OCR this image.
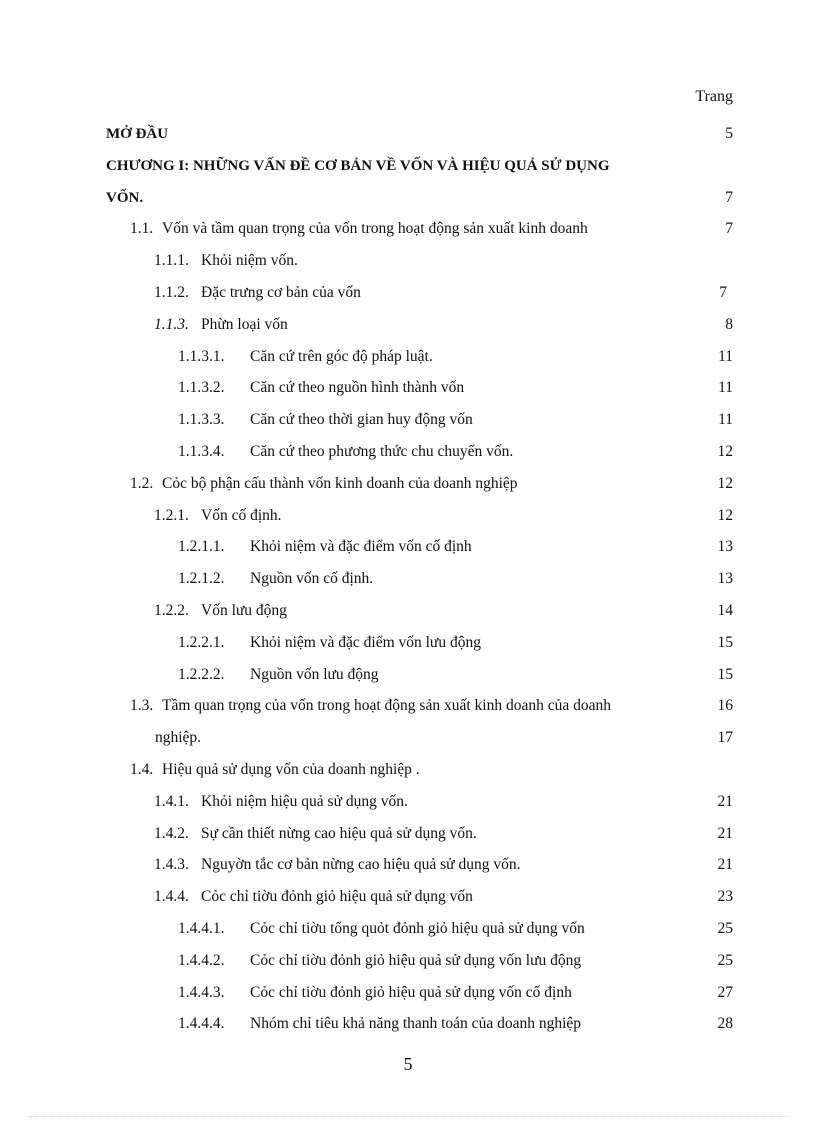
Trang
MỞ ĐẦU	5
CHƯƠNG I: NHỮNG VẤN ĐỀ CƠ BẢN VỀ VỐN VÀ HIỆU QUẢ SỬ DỤNG
VỐN.	7
1.1. Vốn và tầm quan trọng của vốn trong hoạt động sản xuất kinh doanh	7
1.1.1. Khỏi niệm vốn.
1.1.2. Đặc trưng cơ bản của vốn	7
1.1.3. Phừn loại vốn	8
1.1.3.1. Căn cứ trên góc độ pháp luật.	11
1.1.3.2. Căn cứ theo nguồn hình thành vốn	11
1.1.3.3. Căn cứ theo thời gian huy động vốn	11
1.1.3.4. Căn cứ theo phương thức chu chuyển vốn.	12
1.2. Cỏc bộ phận cấu thành vốn kinh doanh của doanh nghiệp	12
1.2.1. Vốn cố định.	12
1.2.1.1. Khỏi niệm và đặc điểm vốn cố định	13
1.2.1.2. Nguồn vốn cố định.	13
1.2.2. Vốn lưu động	14
1.2.2.1. Khỏi niệm và đặc điểm vốn lưu động	15
1.2.2.2. Nguồn vốn lưu động	15
1.3. Tầm quan trọng của vốn trong hoạt động sản xuất kinh doanh của doanh	16
nghiệp.	17
1.4. Hiệu quả sử dụng vốn của doanh nghiệp .
1.4.1. Khỏi niệm hiệu quả sử dụng vốn.	21
1.4.2. Sự cần thiết nừng cao hiệu quả sử dụng vốn.	21
1.4.3. Nguyờn tắc cơ bản nừng cao hiệu quả sử dụng vốn.	21
1.4.4. Cỏc chỉ tiờu đỏnh giỏ hiệu quả sử dụng vốn	23
1.4.4.1. Cỏc chỉ tiờu tổng quỏt đỏnh giỏ hiệu quả sử dụng vốn	25
1.4.4.2. Cỏc chỉ tiờu đỏnh giỏ hiệu quả sử dụng vốn lưu động	25
1.4.4.3. Cỏc chỉ tiờu đỏnh giỏ hiệu quả sử dụng vốn cố định	27
1.4.4.4. Nhóm chỉ tiêu khả năng thanh toán của doanh nghiệp	28
5
